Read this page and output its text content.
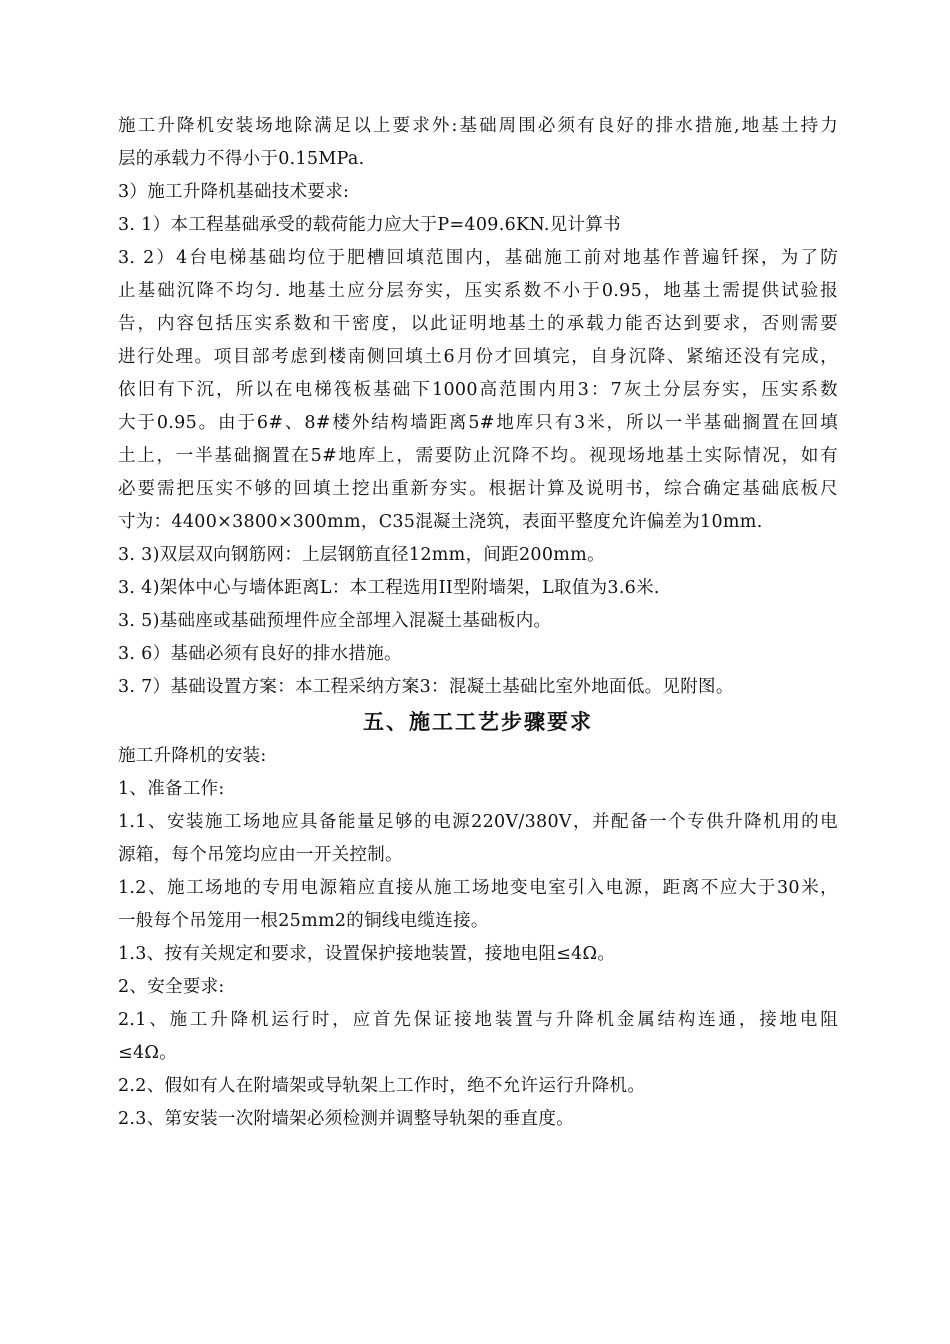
施工升降机安装场地除满足以上要求外:基础周围必须有良好的排水措施,地基土持力
层的承载力不得小于0.15MPa.
3）施工升降机基础技术要求:
3. 1）本工程基础承受的载荷能力应大于P=409.6KN.见计算书
3. 2）4台电梯基础均位于肥槽回填范围内，基础施工前对地基作普遍钎探，为了防
止基础沉降不均匀. 地基土应分层夯实，压实系数不小于0.95，地基土需提供试验报
告，内容包括压实系数和干密度，以此证明地基土的承载力能否达到要求，否则需要
进行处理。项目部考虑到楼南侧回填土6月份才回填完，自身沉降、紧缩还没有完成，
依旧有下沉，所以在电梯筏板基础下1000高范围内用3：7灰土分层夯实，压实系数
大于0.95。由于6#、8#楼外结构墙距离5#地库只有3米，所以一半基础搁置在回填
土上，一半基础搁置在5#地库上，需要防止沉降不均。视现场地基土实际情况，如有
必要需把压实不够的回填土挖出重新夯实。根据计算及说明书，综合确定基础底板尺
寸为：4400×3800×300mm，C35混凝土浇筑，表面平整度允许偏差为10mm.
3. 3)双层双向钢筋网：上层钢筋直径12mm，间距200mm。
3. 4)架体中心与墙体距离L：本工程选用II型附墙架，L取值为3.6米.
3. 5)基础座或基础预埋件应全部埋入混凝土基础板内。
3. 6）基础必须有良好的排水措施。
3. 7）基础设置方案：本工程采纳方案3：混凝土基础比室外地面低。见附图。
五、施工工艺步骤要求
施工升降机的安装:
1、准备工作:
1.1、安装施工场地应具备能量足够的电源220V/380V，并配备一个专供升降机用的电
源箱，每个吊笼均应由一开关控制。
1.2、施工场地的专用电源箱应直接从施工场地变电室引入电源，距离不应大于30米，
一般每个吊笼用一根25mm2的铜线电缆连接。
1.3、按有关规定和要求，设置保护接地装置，接地电阻≤4Ω。
2、安全要求:
2.1、施工升降机运行时，应首先保证接地装置与升降机金属结构连通，接地电阻
≤4Ω。
2.2、假如有人在附墙架或导轨架上工作时，绝不允许运行升降机。
2.3、第安装一次附墙架必须检测并调整导轨架的垂直度。
